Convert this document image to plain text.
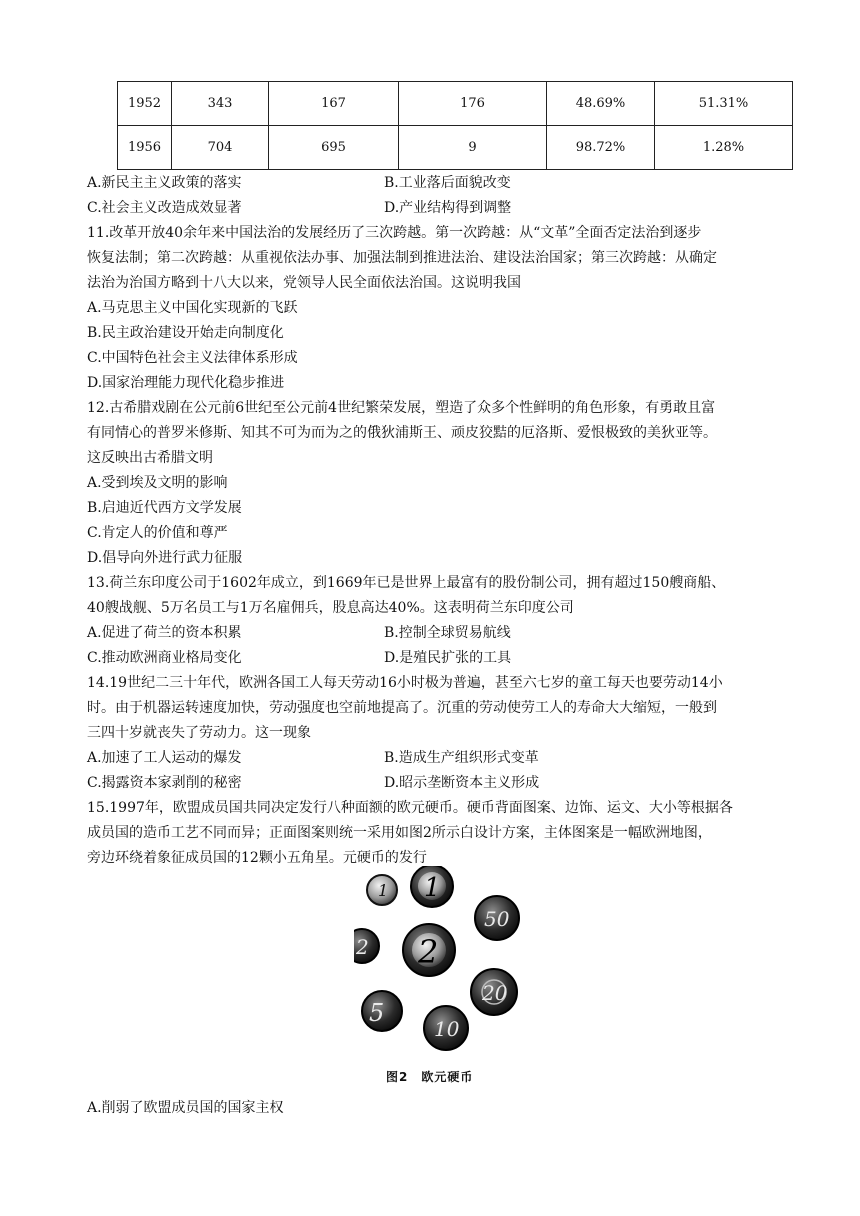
1952	343	167	176	48.69%	51.31%
1956	704	695	9	98.72%	1.28%
A.新民主主义政策的落实	B.工业落后面貌改变
C.社会主义改造成效显著	D.产业结构得到调整
11.改革开放40余年来中国法治的发展经历了三次跨越。第一次跨越：从“文革”全面否定法治到逐步
恢复法制；第二次跨越：从重视依法办事、加强法制到推进法治、建设法治国家；第三次跨越：从确定
法治为治国方略到十八大以来，党领导人民全面依法治国。这说明我国
A.马克思主义中国化实现新的飞跃
B.民主政治建设开始走向制度化
C.中国特色社会主义法律体系形成
D.国家治理能力现代化稳步推进
12.古希腊戏剧在公元前6世纪至公元前4世纪繁荣发展，塑造了众多个性鲜明的角色形象，有勇敢且富
有同情心的普罗米修斯、知其不可为而为之的俄狄浦斯王、顽皮狡黠的厄洛斯、爱恨极致的美狄亚等。
这反映出古希腊文明
A.受到埃及文明的影响
B.启迪近代西方文学发展
C.肯定人的价值和尊严
D.倡导向外进行武力征服
13.荷兰东印度公司于1602年成立，到1669年已是世界上最富有的股份制公司，拥有超过150艘商船、
40艘战舰、5万名员工与1万名雇佣兵，股息高达40%。这表明荷兰东印度公司
A.促进了荷兰的资本积累	B.控制全球贸易航线
C.推动欧洲商业格局变化	D.是殖民扩张的工具
14.19世纪二三十年代，欧洲各国工人每天劳动16小时极为普遍，甚至六七岁的童工每天也要劳动14小
时。由于机器运转速度加快，劳动强度也空前地提高了。沉重的劳动使劳工人的寿命大大缩短，一般到
三四十岁就丧失了劳动力。这一现象
A.加速了工人运动的爆发	B.造成生产组织形式变革
C.揭露资本家剥削的秘密	D.昭示垄断资本主义形成
15.1997年，欧盟成员国共同决定发行八种面额的欧元硬币。硬币背面图案、边饰、运文、大小等根据各
成员国的造币工艺不同而异；正面图案则统一采用如图2所示白设计方案，主体图案是一幅欧洲地图，
旁边环绕着象征成员国的12颗小五角星。元硬币的发行
1 1
50
2
2
5
10
20
图2　欧元硬币
A.削弱了欧盟成员国的国家主权
